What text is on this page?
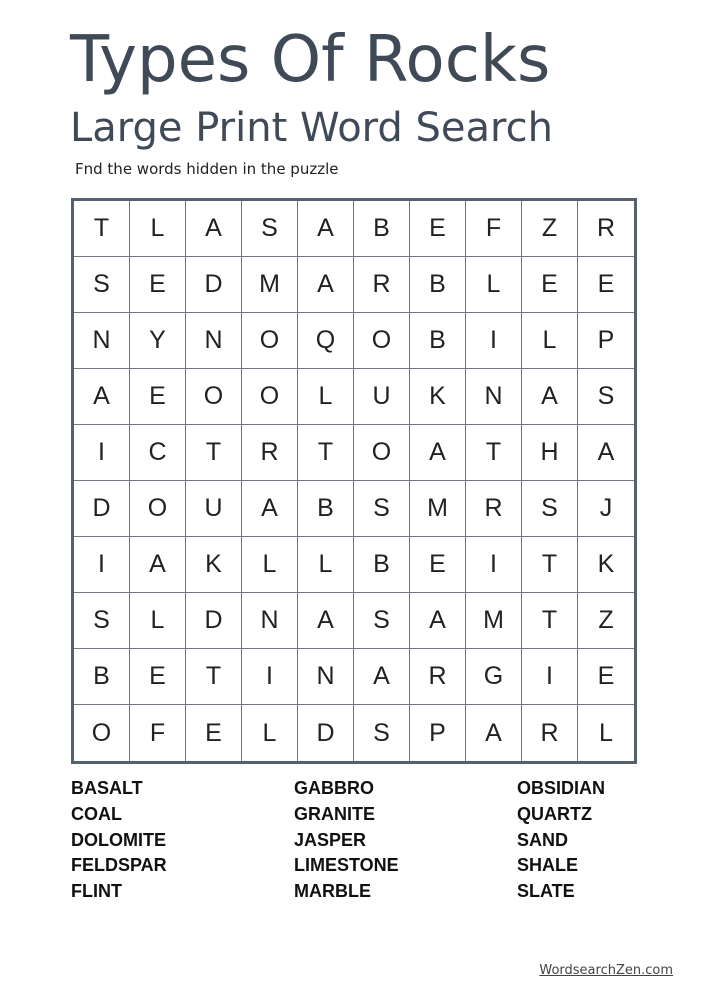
Types Of Rocks
Large Print Word Search
Fnd the words hidden in the puzzle
T	L	A	S	A	B	E	F	Z	R
S	E	D	M	A	R	B	L	E	E
N	Y	N	O	Q	O	B	I	L	P
A	E	O	O	L	U	K	N	A	S
I	C	T	R	T	O	A	T	H	A
D	O	U	A	B	S	M	R	S	J
I	A	K	L	L	B	E	I	T	K
S	L	D	N	A	S	A	M	T	Z
B	E	T	I	N	A	R	G	I	E
O	F	E	L	D	S	P	A	R	L
BASALT
COAL
DOLOMITE
FELDSPAR
FLINT
GABBRO
GRANITE
JASPER
LIMESTONE
MARBLE
OBSIDIAN
QUARTZ
SAND
SHALE
SLATE
WordsearchZen.com
